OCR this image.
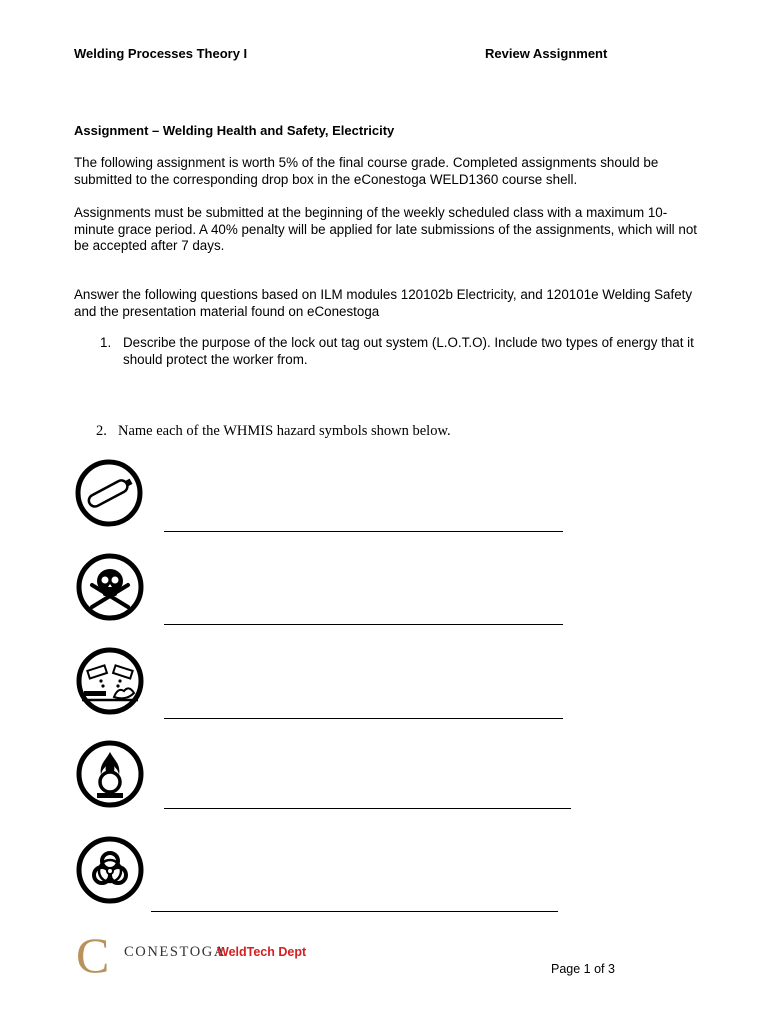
Welding Processes Theory I	Review Assignment
Assignment – Welding Health and Safety, Electricity
The following assignment is worth 5% of the final course grade. Completed assignments should be submitted to the corresponding drop box in the eConestoga WELD1360 course shell.
Assignments must be submitted at the beginning of the weekly scheduled class with a maximum 10-minute grace period. A 40% penalty will be applied for late submissions of the assignments, which will not be accepted after 7 days.
Answer the following questions based on ILM modules 120102b Electricity, and 120101e Welding Safety and the presentation material found on eConestoga
1. Describe the purpose of the lock out tag out system (L.O.T.O). Include two types of energy that it should protect the worker from.
2. Name each of the WHMIS hazard symbols shown below.
C CONESTOGA
WeldTech Dept
Page 1 of 3
